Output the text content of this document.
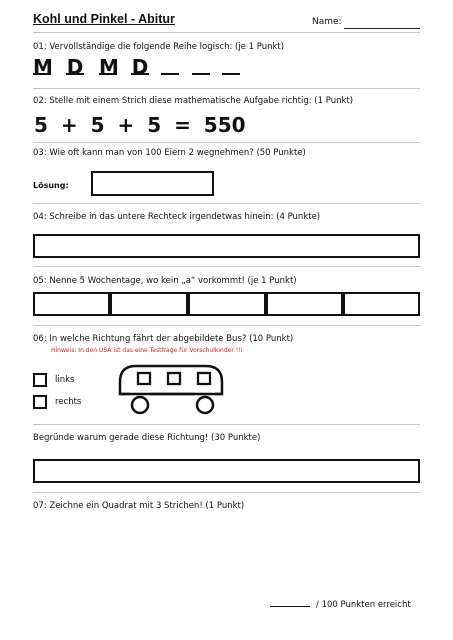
Kohl und Pinkel - Abitur	Name:
01: Vervollständige die folgende Reihe logisch: (je 1 Punkt)
M D M D
02: Stelle mit einem Strich diese mathematische Aufgabe richtig: (1 Punkt)
5 + 5 + 5 = 550
03: Wie oft kann man von 100 Eiern 2 wegnehmen? (50 Punkte)
Lösung:
04: Schreibe in das untere Rechteck irgendetwas hinein: (4 Punkte)
05: Nenne 5 Wochentage, wo kein „a“ vorkommt! (je 1 Punkt)
06: In welche Richtung fährt der abgebildete Bus? (10 Punkt)
Hinweis: In den USA ist das eine Testfrage für Vorschulkinder !!!
links
rechts
Begründe warum gerade diese Richtung! (30 Punkte)
07: Zeichne ein Quadrat mit 3 Strichen! (1 Punkt)
/ 100 Punkten erreicht
